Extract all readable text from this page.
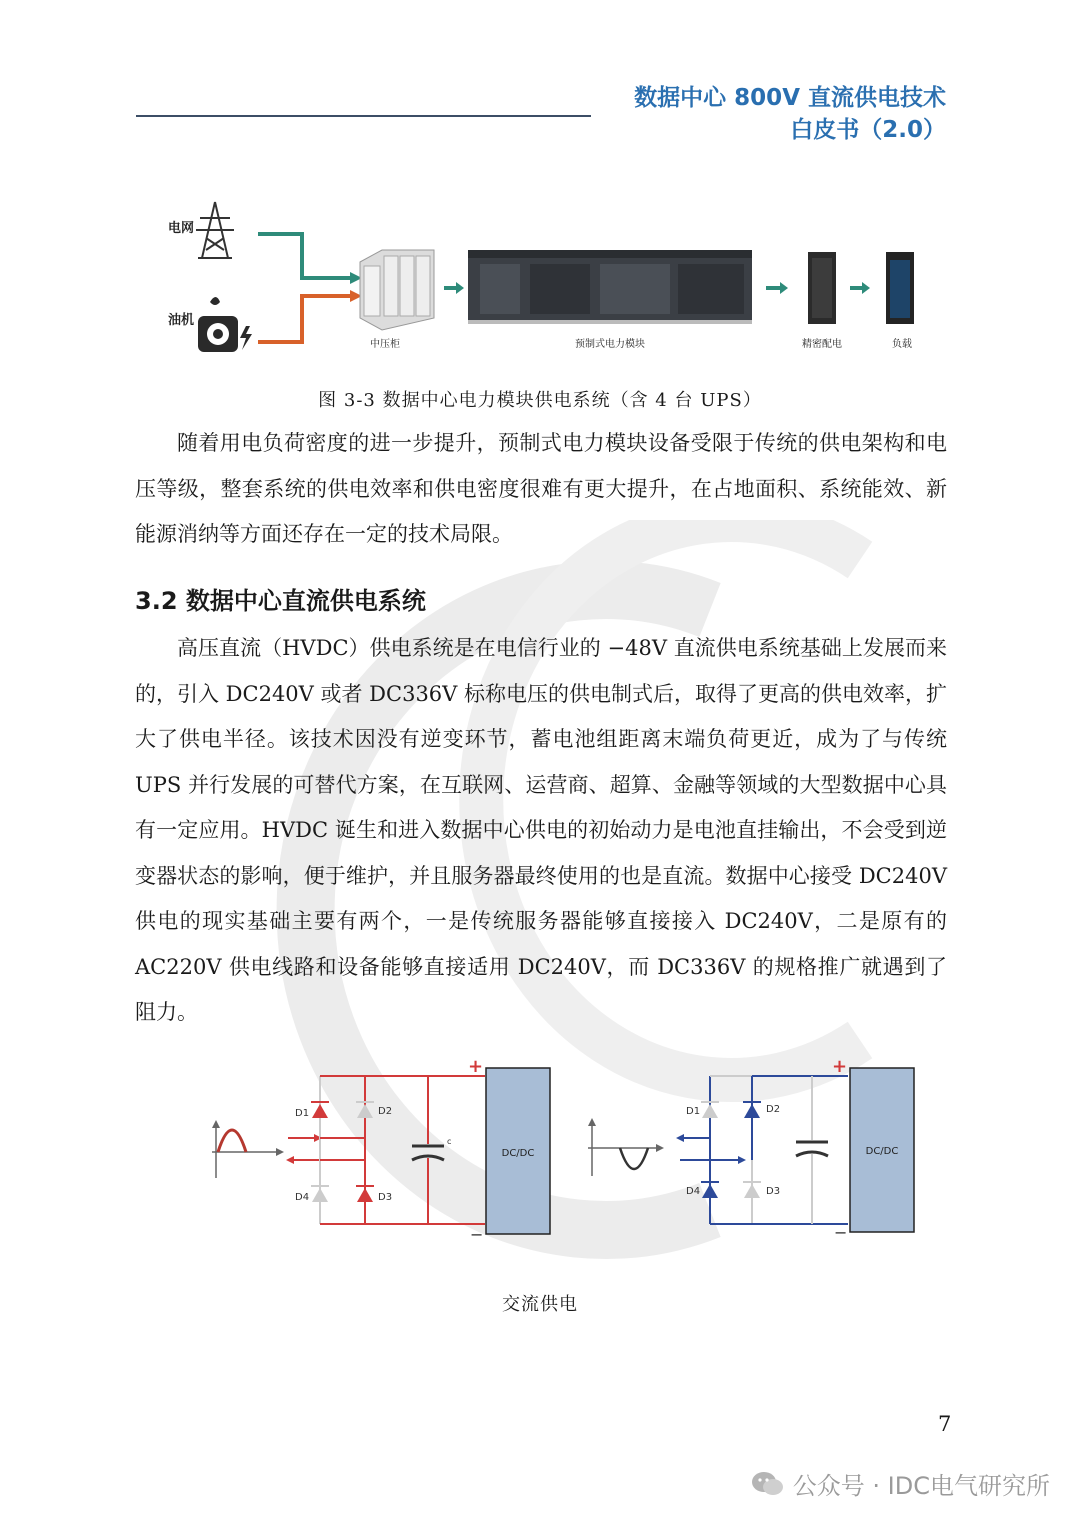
数据中心 800V 直流供电技术
白皮书（2.0）
电网
油机
中压柜	预制式电力模块	精密配电	负载
图 3-3 数据中心电力模块供电系统（含 4 台 UPS）
随着用电负荷密度的进一步提升，预制式电力模块设备受限于传统的供电架构和电压等级，整套系统的供电效率和供电密度很难有更大提升，在占地面积、系统能效、新能源消纳等方面还存在一定的技术局限。
3.2 数据中心直流供电系统
高压直流（HVDC）供电系统是在电信行业的 −48V 直流供电系统基础上发展而来的，引入 DC240V 或者 DC336V 标称电压的供电制式后，取得了更高的供电效率，扩大了供电半径。该技术因没有逆变环节，蓄电池组距离末端负荷更近，成为了与传统 UPS 并行发展的可替代方案，在互联网、运营商、超算、金融等领域的大型数据中心具有一定应用。HVDC 诞生和进入数据中心供电的初始动力是电池直挂输出，不会受到逆变器状态的影响，便于维护，并且服务器最终使用的也是直流。数据中心接受 DC240V 供电的现实基础主要有两个，一是传统服务器能够直接接入 DC240V，二是原有的 AC220V 供电线路和设备能够直接适用 DC240V，而 DC336V 的规格推广就遇到了阻力。
D1	D2
D4	D3
c
DC/DC
+
−
D1	D2
D4	D3
DC/DC
+
−
交流供电
7
公众号 · IDC电气研究所
